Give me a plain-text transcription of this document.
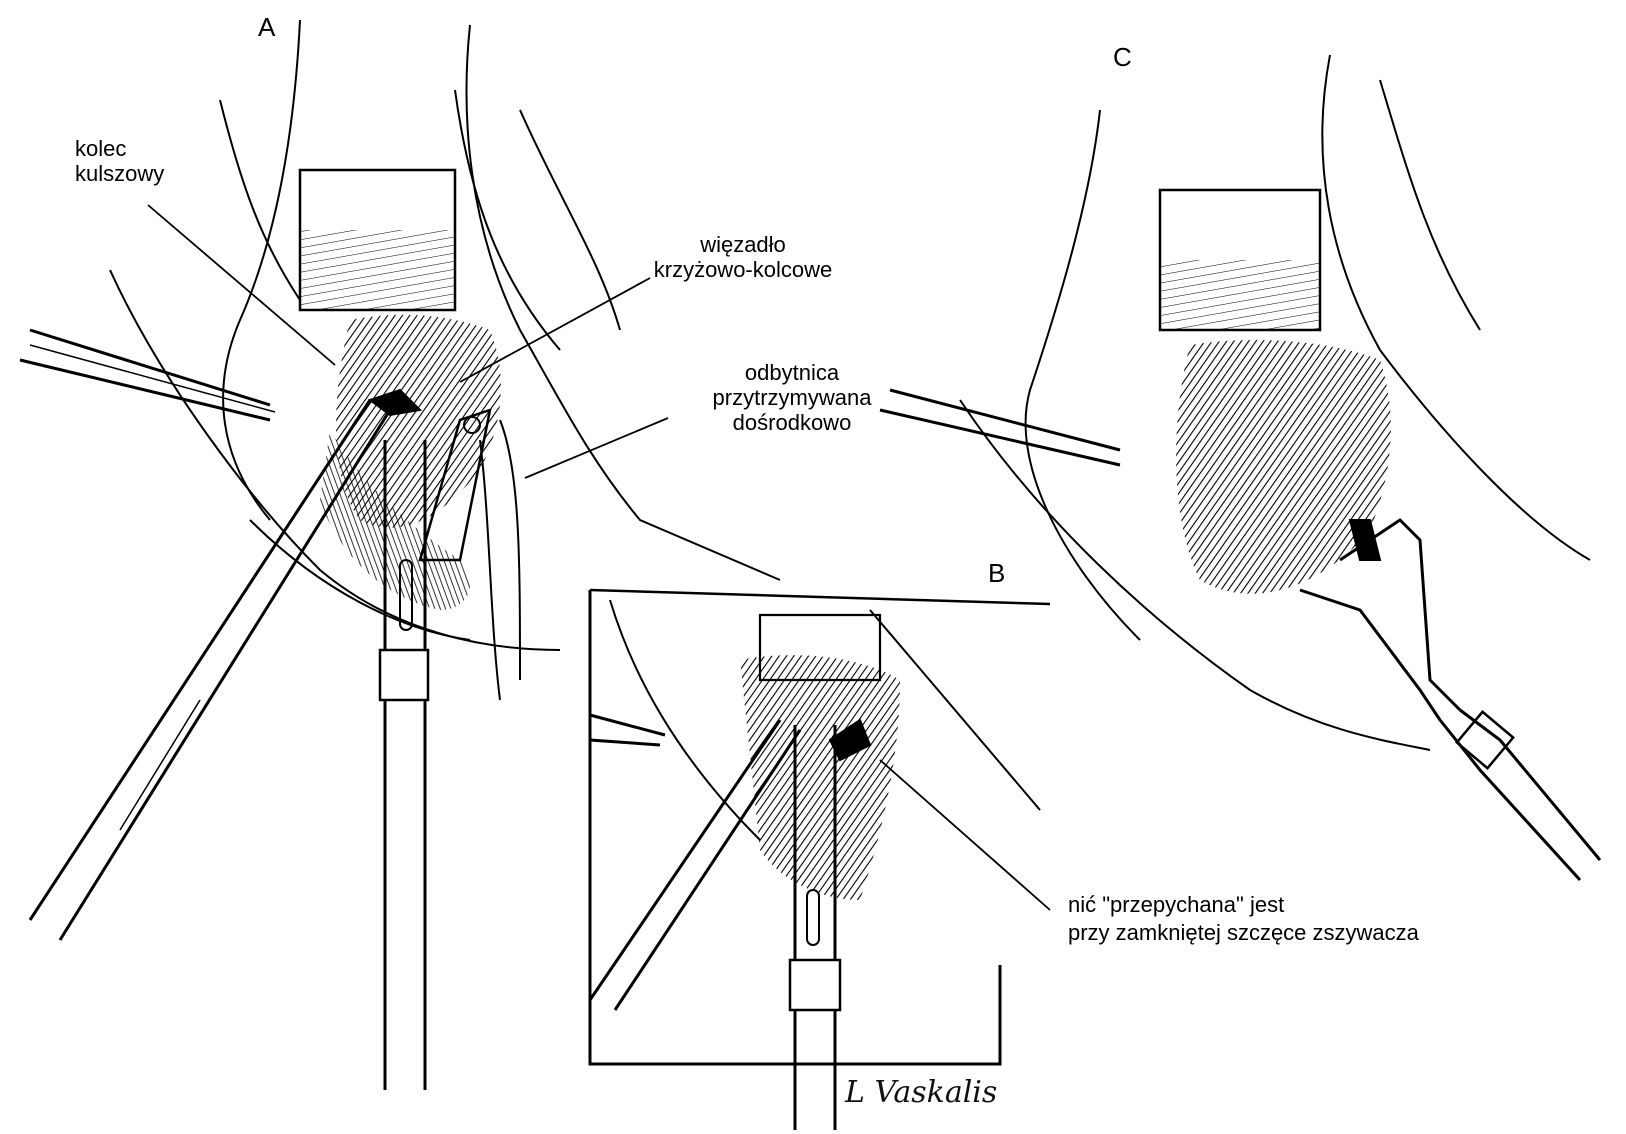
A
B
C
kolec
kulszowy
więzadło
krzyżowo-kolcowe
odbytnica
przytrzymywana
dośrodkowo
nić "przepychana" jest
przy zamkniętej szczęce zszywacza
L Vaskalis
